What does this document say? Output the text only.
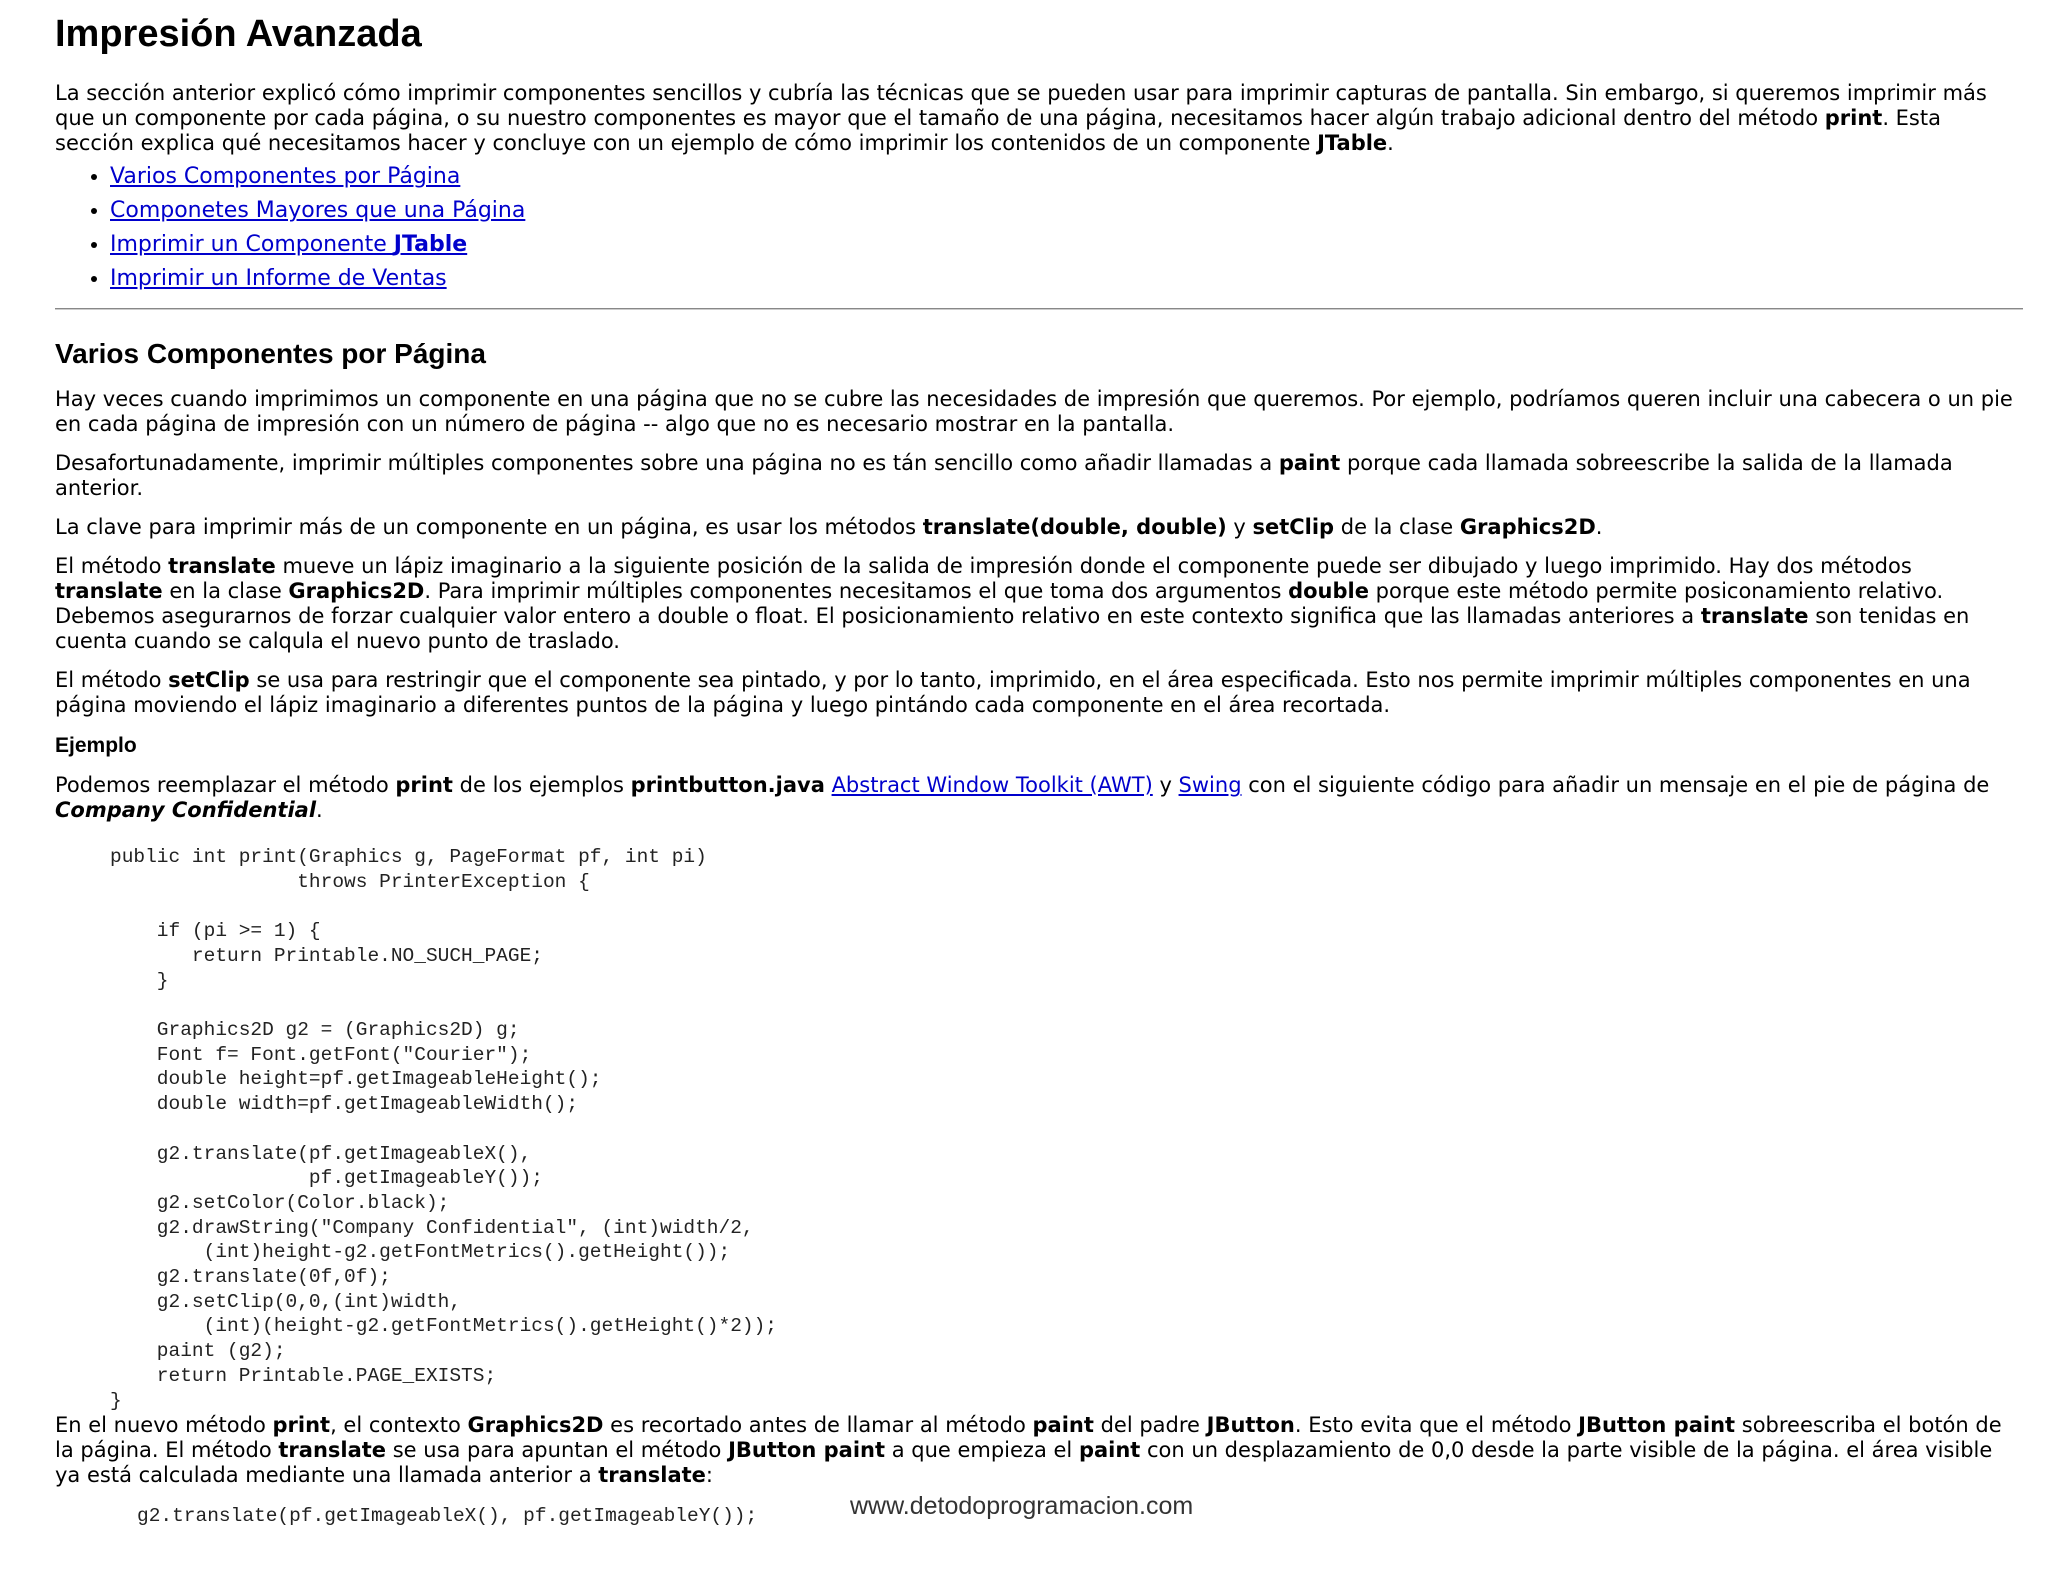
Impresión Avanzada

La sección anterior explicó cómo imprimir componentes sencillos y cubría las técnicas que se pueden usar para imprimir capturas de pantalla. Sin embargo, si queremos imprimir más que un componente por cada página, o su nuestro componentes es mayor que el tamaño de una página, necesitamos hacer algún trabajo adicional dentro del método print. Esta sección explica qué necesitamos hacer y concluye con un ejemplo de cómo imprimir los contenidos de un componente JTable.

• Varios Componentes por Página
• Componetes Mayores que una Página
• Imprimir un Componente JTable
• Imprimir un Informe de Ventas
Varios Componentes por Página

Hay veces cuando imprimimos un componente en una página que no se cubre las necesidades de impresión que queremos. Por ejemplo, podríamos queren incluir una cabecera o un pie en cada página de impresión con un número de página -- algo que no es necesario mostrar en la pantalla.

Desafortunadamente, imprimir múltiples componentes sobre una página no es tán sencillo como añadir llamadas a paint porque cada llamada sobreescribe la salida de la llamada anterior.

La clave para imprimir más de un componente en un página, es usar los métodos translate(double, double) y setClip de la clase Graphics2D.

El método translate mueve un lápiz imaginario a la siguiente posición de la salida de impresión donde el componente puede ser dibujado y luego imprimido. Hay dos métodos translate en la clase Graphics2D. Para imprimir múltiples componentes necesitamos el que toma dos argumentos double porque este método permite posiconamiento relativo. Debemos asegurarnos de forzar cualquier valor entero a double o float. El posicionamiento relativo en este contexto significa que las llamadas anteriores a translate son tenidas en cuenta cuando se calqula el nuevo punto de traslado.

El método setClip se usa para restringir que el componente sea pintado, y por lo tanto, imprimido, en el área especificada. Esto nos permite imprimir múltiples componentes en una página moviendo el lápiz imaginario a diferentes puntos de la página y luego pintándo cada componente en el área recortada.

Ejemplo

Podemos reemplazar el método print de los ejemplos printbutton.java Abstract Window Toolkit (AWT) y Swing con el siguiente código para añadir un mensaje en el pie de página de Company Confidential.

public int print(Graphics g, PageFormat pf, int pi)
throws PrinterException {

if (pi >= 1) {
return Printable.NO_SUCH_PAGE;
}

Graphics2D g2 = (Graphics2D) g;
Font f= Font.getFont("Courier");
double height=pf.getImageableHeight();
double width=pf.getImageableWidth();

g2.translate(pf.getImageableX(),
pf.getImageableY());
g2.setColor(Color.black);
g2.drawString("Company Confidential", (int)width/2,
(int)height-g2.getFontMetrics().getHeight());
g2.translate(0f,0f);
g2.setClip(0,0,(int)width,
(int)(height-g2.getFontMetrics().getHeight()*2));
paint (g2);
return Printable.PAGE_EXISTS;
}

En el nuevo método print, el contexto Graphics2D es recortado antes de llamar al método paint del padre JButton. Esto evita que el método JButton paint sobreescriba el botón de la página. El método translate se usa para apuntan el método JButton paint a que empieza el paint con un desplazamiento de 0,0 desde la parte visible de la página. el área visible ya está calculada mediante una llamada anterior a translate:

g2.translate(pf.getImageableX(), pf.getImageableY());	www.detodoprogramacion.com
